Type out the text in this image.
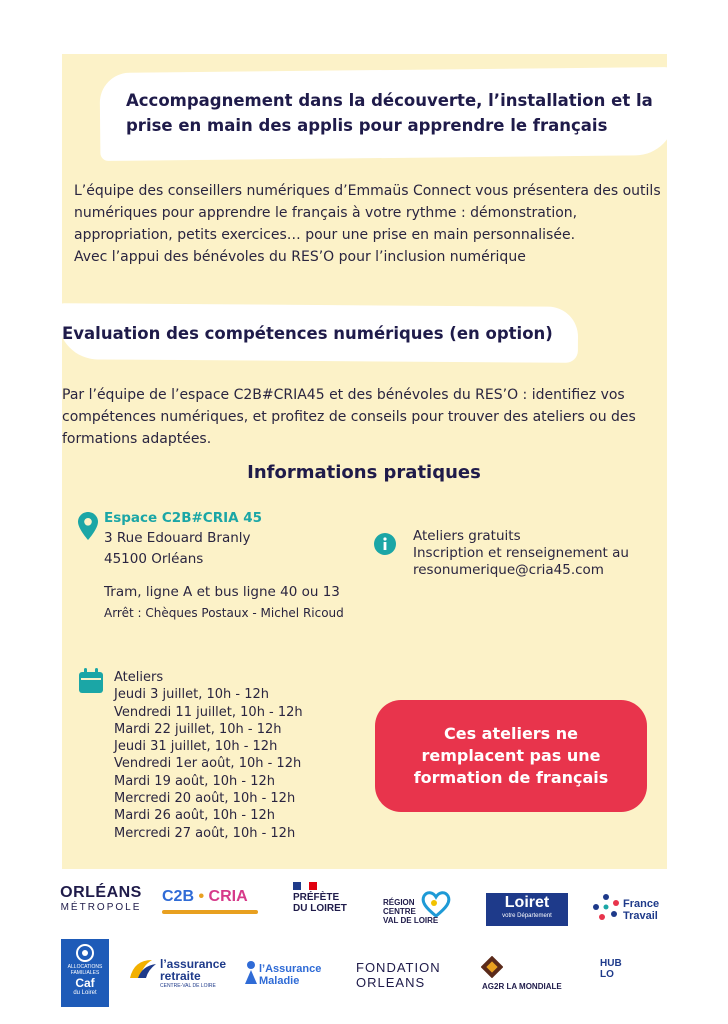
Accompagnement dans la découverte, l’installation et la prise en main des applis pour apprendre le français

L’équipe des conseillers numériques d’Emmaüs Connect vous présentera des outils numériques pour apprendre le français à votre rythme : démonstration, appropriation, petits exercices… pour une prise en main personnalisée.
Avec l’appui des bénévoles du RES’O pour l’inclusion numérique

Evaluation des compétences numériques (en option)

Par l’équipe de l’espace C2B#CRIA45 et des bénévoles du RES’O : identifiez vos compétences numériques, et profitez de conseils pour trouver des ateliers ou des formations adaptées.

Informations pratiques
Espace C2B#CRIA 45
3 Rue Edouard Branly
45100 Orléans
Tram, ligne A et bus ligne 40 ou 13
Arrêt : Chèques Postaux - Michel Ricoud
Ateliers gratuits
Inscription et renseignement au
resonumerique@cria45.com
Ateliers
Jeudi 3 juillet, 10h - 12h
Vendredi 11 juillet, 10h - 12h
Mardi 22 juillet, 10h - 12h
Jeudi 31 juillet, 10h - 12h
Vendredi 1er août, 10h - 12h
Mardi 19 août, 10h - 12h
Mercredi 20 août, 10h - 12h
Mardi 26 août, 10h - 12h
Mercredi 27 août, 10h - 12h
Ces ateliers ne remplacent pas une formation de français
ORLÉANS
MÉTROPOLE
C2B • CRIA	PRÉFÈTE
DU LOIRET
RÉGION
CENTRE
VAL DE LOIRE
Loiret
votre Département
France
Travail
ALLOCATIONS FAMILIALES
Caf
du Loiret
l’assurance
retraite
CENTRE-VAL DE LOIRE
l’Assurance
Maladie
FONDATION
ORLEANS	AG2R LA MONDIALE
HUB LO
